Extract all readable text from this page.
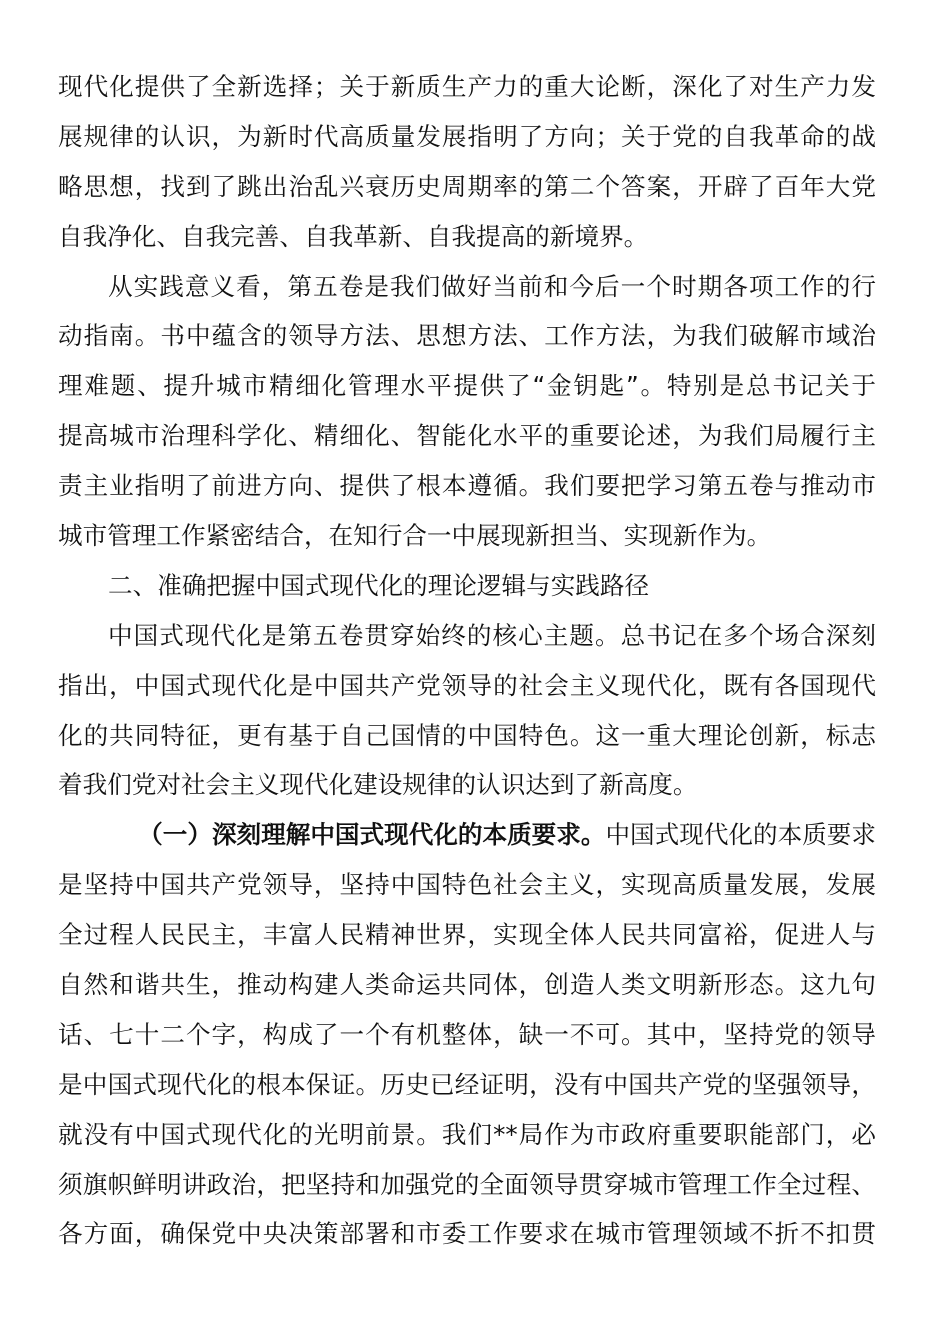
现代化提供了全新选择；关于新质生产力的重大论断，深化了对生产力发
展规律的认识，为新时代高质量发展指明了方向；关于党的自我革命的战
略思想，找到了跳出治乱兴衰历史周期率的第二个答案，开辟了百年大党
自我净化、自我完善、自我革新、自我提高的新境界。
从实践意义看，第五卷是我们做好当前和今后一个时期各项工作的行
动指南。书中蕴含的领导方法、思想方法、工作方法，为我们破解市域治
理难题、提升城市精细化管理水平提供了“金钥匙”。特别是总书记关于
提高城市治理科学化、精细化、智能化水平的重要论述，为我们局履行主
责主业指明了前进方向、提供了根本遵循。我们要把学习第五卷与推动市
城市管理工作紧密结合，在知行合一中展现新担当、实现新作为。
二、准确把握中国式现代化的理论逻辑与实践路径
中国式现代化是第五卷贯穿始终的核心主题。总书记在多个场合深刻
指出，中国式现代化是中国共产党领导的社会主义现代化，既有各国现代
化的共同特征，更有基于自己国情的中国特色。这一重大理论创新，标志
着我们党对社会主义现代化建设规律的认识达到了新高度。
（一）深刻理解中国式现代化的本质要求。中国式现代化的本质要求
是坚持中国共产党领导，坚持中国特色社会主义，实现高质量发展，发展
全过程人民民主，丰富人民精神世界，实现全体人民共同富裕，促进人与
自然和谐共生，推动构建人类命运共同体，创造人类文明新形态。这九句
话、七十二个字，构成了一个有机整体，缺一不可。其中，坚持党的领导
是中国式现代化的根本保证。历史已经证明，没有中国共产党的坚强领导，
就没有中国式现代化的光明前景。我们**局作为市政府重要职能部门，必
须旗帜鲜明讲政治，把坚持和加强党的全面领导贯穿城市管理工作全过程、
各方面，确保党中央决策部署和市委工作要求在城市管理领域不折不扣贯
